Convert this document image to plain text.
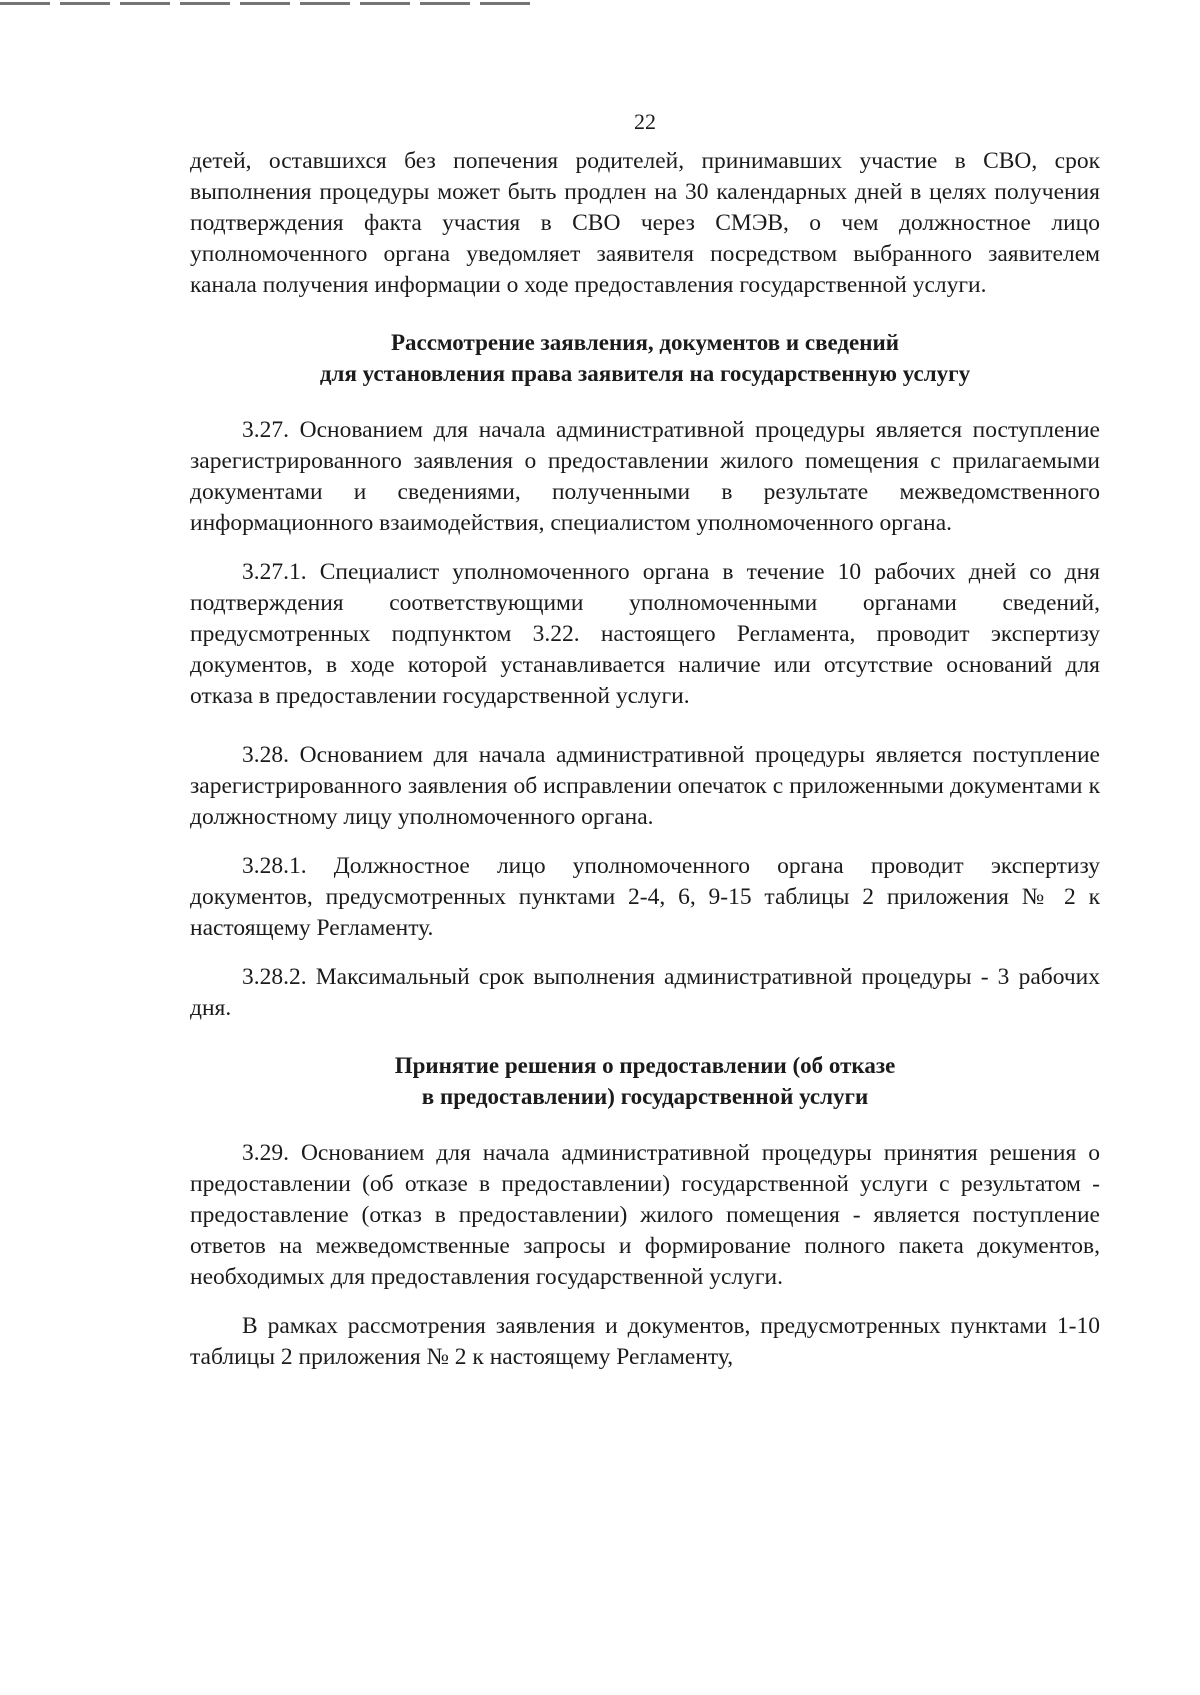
22

детей, оставшихся без попечения родителей, принимавших участие в СВО, срок выполнения процедуры может быть продлен на 30 календарных дней в целях получения подтверждения факта участия в СВО через СМЭВ, о чем должностное лицо уполномоченного органа уведомляет заявителя посредством выбранного заявителем канала получения информации о ходе предоставления государственной услуги.

Рассмотрение заявления, документов и сведений
для установления права заявителя на государственную услугу

3.27. Основанием для начала административной процедуры является поступление зарегистрированного заявления о предоставлении жилого помещения с прилагаемыми документами и сведениями, полученными в результате межведомственного информационного взаимодействия, специалистом уполномоченного органа.

3.27.1. Специалист уполномоченного органа в течение 10 рабочих дней со дня подтверждения соответствующими уполномоченными органами сведений, предусмотренных подпунктом 3.22. настоящего Регламента, проводит экспертизу документов, в ходе которой устанавливается наличие или отсутствие оснований для отказа в предоставлении государственной услуги.

3.28. Основанием для начала административной процедуры является поступление зарегистрированного заявления об исправлении опечаток с приложенными документами к должностному лицу уполномоченного органа.

3.28.1. Должностное лицо уполномоченного органа проводит экспертизу документов, предусмотренных пунктами 2-4, 6, 9-15 таблицы 2 приложения № 2 к настоящему Регламенту.

3.28.2. Максимальный срок выполнения административной процедуры - 3 рабочих дня.

Принятие решения о предоставлении (об отказе
в предоставлении) государственной услуги

3.29. Основанием для начала административной процедуры принятия решения о предоставлении (об отказе в предоставлении) государственной услуги с результатом - предоставление (отказ в предоставлении) жилого помещения - является поступление ответов на межведомственные запросы и формирование полного пакета документов, необходимых для предоставления государственной услуги.

В рамках рассмотрения заявления и документов, предусмотренных пунктами 1-10 таблицы 2 приложения № 2 к настоящему Регламенту,
